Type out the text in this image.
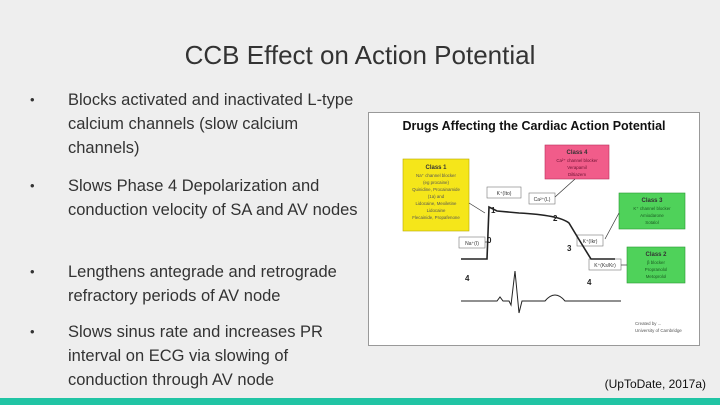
CCB Effect on Action Potential
• Blocks activated and inactivated L-type calcium channels (slow calcium channels)
• Slows Phase 4 Depolarization and conduction velocity of SA and AV nodes
• Lengthens antegrade and retrograde refractory periods of AV node
• Slows sinus rate and increases PR interval on ECG via slowing of conduction through AV node
Drugs Affecting the Cardiac Action Potential
Class 1
Na⁺ channel blocker
(eg procaine)
Quinidine, Procainamide
(1a) and
Lidocaine, Mexiletine
Lidocaine
Flecainide, Propafenone
Class 4
Ca²⁺ channel blocker
Verapamil
Diltiazem
Class 3
K⁺ channel blocker
Amiodarone
Sotalol
Class 2
β blocker
Propranolol
Metoprolol
K⁺(Ito)
Ca²⁺(L)
Na⁺(I)	K⁺(Ikr)
K⁺(Ks/Kr)
0
1
2
3
4	4
Created by ...
University of Cambridge
(UpToDate, 2017a)
